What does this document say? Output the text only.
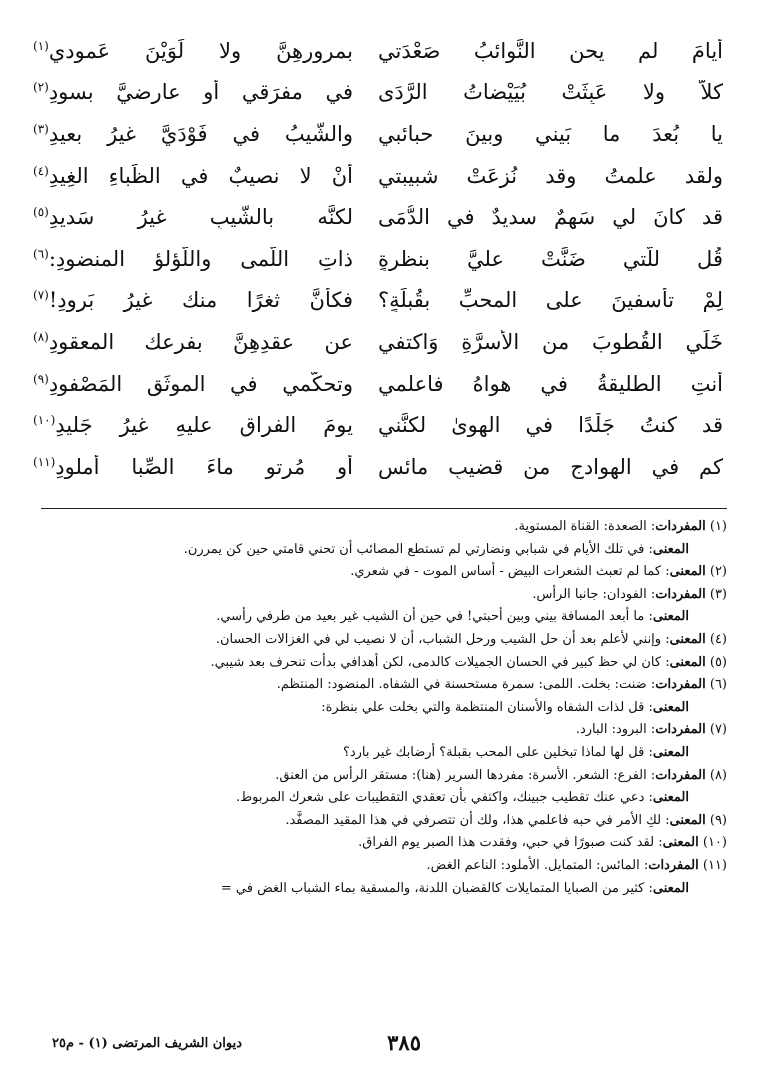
أيامَ لم يحنِ النَّوائبُ صَعْدَتي
بمرورهِنَّ ولا لَوَيْنَ عَمودي$^{(١)}$
كلاّ ولا عَبِثَتْ بُيَيْضاتُ الرَّدَى
في مفرَقي أو عارِضيَّ بسودِ$^{(٢)}$
يا بُعدَ ما بَيني وبينَ حبائبي
والشَّيبُ في فَوْدَيَّ غيرُ بعيدِ$^{(٣)}$
ولقد علمتُ وقد نُزِعَتْ شبيبتي
أنْ لا نصيبٌ في الظِّباءِ الغِيدِ$^{(٤)}$
قد كانَ لي سَهمٌ سديدٌ في الدُّمَى
لكنَّه بالشَّيبِ غيرُ سَديدِ$^{(٥)}$
قُل للَّتي ضَنَّتْ عليَّ بنظرةٍ
ذاتِ اللَّمى واللُّؤلؤِ المنضودِ:$^{(٦)}$
لِمْ تأسفينَ على المحبِّ بقُبلَةٍ؟
فكأنَّ ثغرًا منك غيرُ بَرودِ!$^{(٧)}$
خَلِّي القُطوبَ من الأسرَّةِ وَاكتفي
عن عقدِهِنَّ بفرعك المعقودِ$^{(٨)}$
أنتِ الطليقةُ في هواهُ فاعلمي
وتحكَّمي في الموثَقِ المَصْفودِ$^{(٩)}$
قد كنتُ جَلْدًا في الهوىٰ لكنَّني
يومَ الفراقِ عليهِ غيرُ جَليدِ$^{(١٠)}$
كم في الهوادجِ من قضيبٍ مائسٍ
أو مُرتوٍ ماءَ الصِّبا أُملودِ$^{(١١)}$
(١) المفردات: الصعدة: القناة المستوية.
المعنى: في تلك الأيام في شبابي ونضارتي لم تستطع المصائب أن تحني قامتي حين كن يمررن.
(٢) المعنى: كما لم تعبث الشعرات البيض - أساس الموت - في شعري.
(٣) المفردات: الفودان: جانبا الرأس.
المعنى: ما أبعد المسافة بيني وبين أحبتي! في حين أن الشيب غير بعيد من طرفي رأسي.
(٤) المعنى: وإنني لأعلم بعد أن حل الشيب ورحل الشباب، أن لا نصيب لي في الغزالات الحسان.
(٥) المعنى: كان لي حظ كبير في الحسان الجميلات كالدمى، لكن أهدافي بدأت تنحرف بعد شيبي.
(٦) المفردات: ضنت: بخلت. اللمى: سمرة مستحسنة في الشفاه. المنضود: المنتظم.
المعنى: قل لذات الشفاه والأسنان المنتظمة والتي بخلت علي بنظرة:
(٧) المفردات: البرود: البارد.
المعنى: قل لها لماذا تبخلين على المحب بقبلة؟ أرضابك غير بارد؟
(٨) المفردات: الفرع: الشعر. الأسرة: مفردها السرير (هنا): مستقر الرأس من العنق.
المعنى: دعي عنك تقطيب جبينك، واكتفي بأن تعقدي التقطيبات على شعرك المربوط.
(٩) المعنى: لكِ الأمر في حبه فاعلمي هذا، ولك أن تتصرفي في هذا المقيد المصفَّد.
(١٠) المعنى: لقد كنت صبورًا في حبي، وفقدت هذا الصبر يوم الفراق.
(١١) المفردات: المائس: المتمايل. الأملود: الناعم الغض.
المعنى: كثير من الصبايا المتمايلات كالقضبان اللدنة، والمسقية بماء الشباب الغض في =
٣٨٥
ديوان الشريف المرتضى (١) - م٢٥
